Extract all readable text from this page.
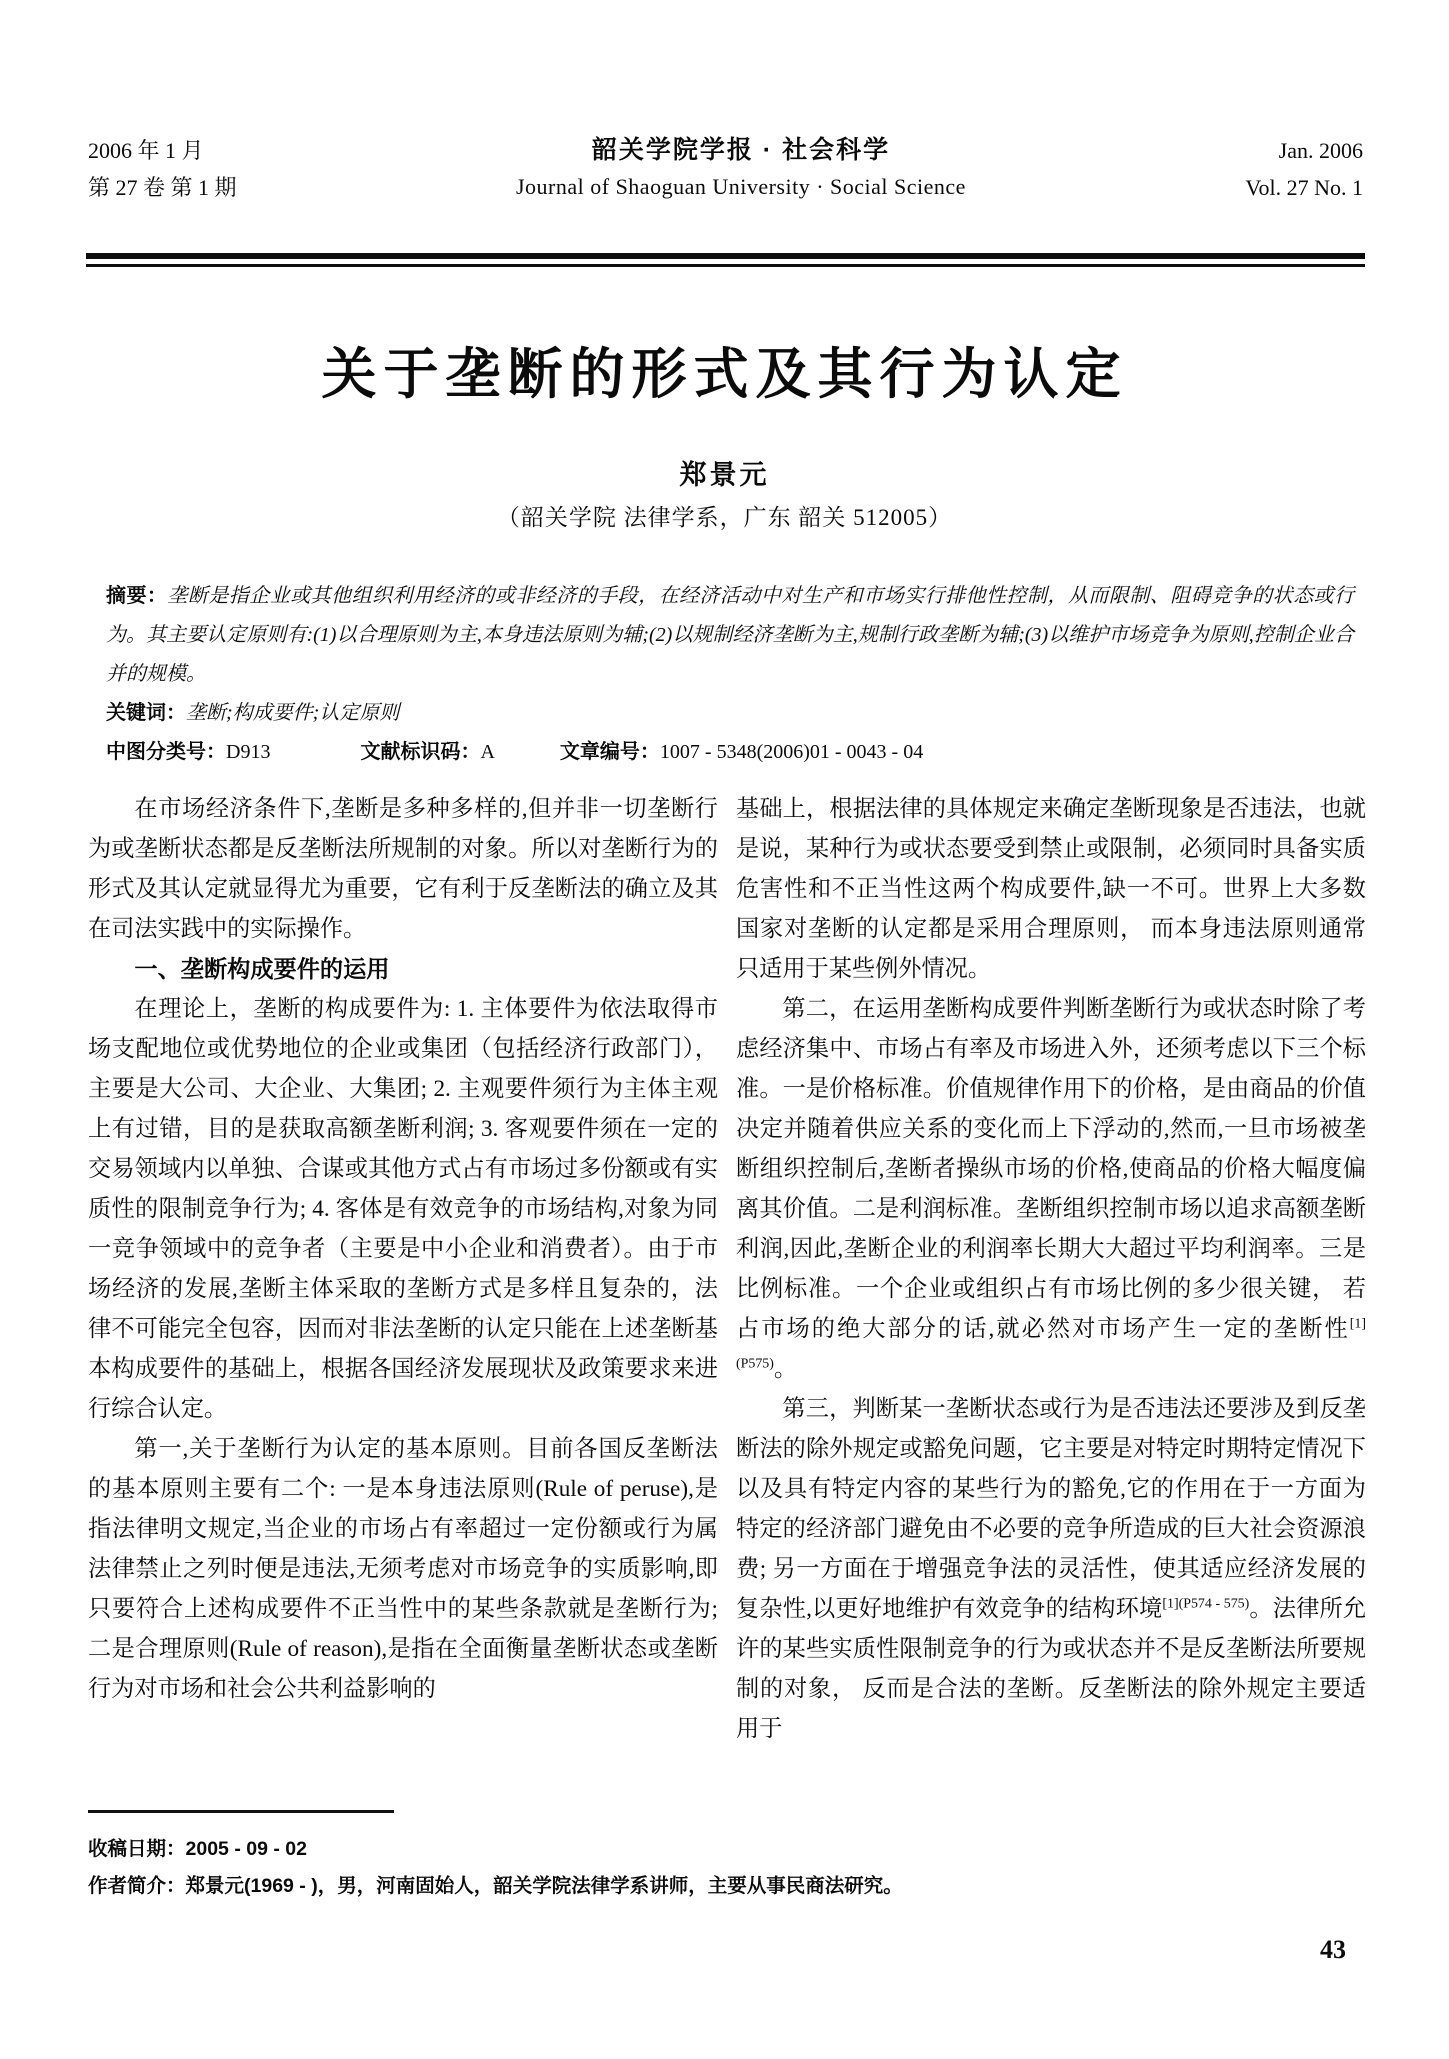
2006 年 1 月
第 27 卷 第 1 期
韶关学院学报 · 社会科学
Journal of Shaoguan University · Social Science
Jan. 2006
Vol. 27 No. 1
关于垄断的形式及其行为认定
郑景元
（韶关学院 法律学系，广东 韶关 512005）

摘要：垄断是指企业或其他组织利用经济的或非经济的手段，在经济活动中对生产和市场实行排他性控制，从而限制、阻碍竞争的状态或行为。其主要认定原则有:(1)以合理原则为主,本身违法原则为辅;(2)以规制经济垄断为主,规制行政垄断为辅;(3)以维护市场竞争为原则,控制企业合并的规模。

关键词：垄断;构成要件;认定原则

中图分类号：D913	文献标识码：A	文章编号：1007 - 5348(2006)01 - 0043 - 04

在市场经济条件下,垄断是多种多样的,但并非一切垄断行为或垄断状态都是反垄断法所规制的对象。所以对垄断行为的形式及其认定就显得尤为重要，它有利于反垄断法的确立及其在司法实践中的实际操作。

一、垄断构成要件的运用

在理论上，垄断的构成要件为: 1. 主体要件为依法取得市场支配地位或优势地位的企业或集团（包括经济行政部门），主要是大公司、大企业、大集团; 2. 主观要件须行为主体主观上有过错，目的是获取高额垄断利润; 3. 客观要件须在一定的交易领域内以单独、合谋或其他方式占有市场过多份额或有实质性的限制竞争行为; 4. 客体是有效竞争的市场结构,对象为同一竞争领域中的竞争者（主要是中小企业和消费者）。由于市场经济的发展,垄断主体采取的垄断方式是多样且复杂的，法律不可能完全包容，因而对非法垄断的认定只能在上述垄断基本构成要件的基础上，根据各国经济发展现状及政策要求来进行综合认定。

第一,关于垄断行为认定的基本原则。目前各国反垄断法的基本原则主要有二个: 一是本身违法原则(Rule of peruse),是指法律明文规定,当企业的市场占有率超过一定份额或行为属法律禁止之列时便是违法,无须考虑对市场竞争的实质影响,即只要符合上述构成要件不正当性中的某些条款就是垄断行为;二是合理原则(Rule of reason),是指在全面衡量垄断状态或垄断行为对市场和社会公共利益影响的

基础上，根据法律的具体规定来确定垄断现象是否违法，也就是说，某种行为或状态要受到禁止或限制，必须同时具备实质危害性和不正当性这两个构成要件,缺一不可。世界上大多数国家对垄断的认定都是采用合理原则， 而本身违法原则通常只适用于某些例外情况。

第二，在运用垄断构成要件判断垄断行为或状态时除了考虑经济集中、市场占有率及市场进入外，还须考虑以下三个标准。一是价格标准。价值规律作用下的价格，是由商品的价值决定并随着供应关系的变化而上下浮动的,然而,一旦市场被垄断组织控制后,垄断者操纵市场的价格,使商品的价格大幅度偏离其价值。二是利润标准。垄断组织控制市场以追求高额垄断利润,因此,垄断企业的利润率长期大大超过平均利润率。三是比例标准。一个企业或组织占有市场比例的多少很关键， 若占市场的绝大部分的话,就必然对市场产生一定的垄断性$^{[1](P575)}$。

第三，判断某一垄断状态或行为是否违法还要涉及到反垄断法的除外规定或豁免问题，它主要是对特定时期特定情况下以及具有特定内容的某些行为的豁免,它的作用在于一方面为特定的经济部门避免由不必要的竞争所造成的巨大社会资源浪费; 另一方面在于增强竞争法的灵活性，使其适应经济发展的复杂性,以更好地维护有效竞争的结构环境$^{[1](P574 - 575)}$。法律所允许的某些实质性限制竞争的行为或状态并不是反垄断法所要规制的对象， 反而是合法的垄断。反垄断法的除外规定主要适用于

收稿日期：2005 - 09 - 02

作者简介：郑景元(1969 - )，男，河南固始人，韶关学院法律学系讲师，主要从事民商法研究。

43
